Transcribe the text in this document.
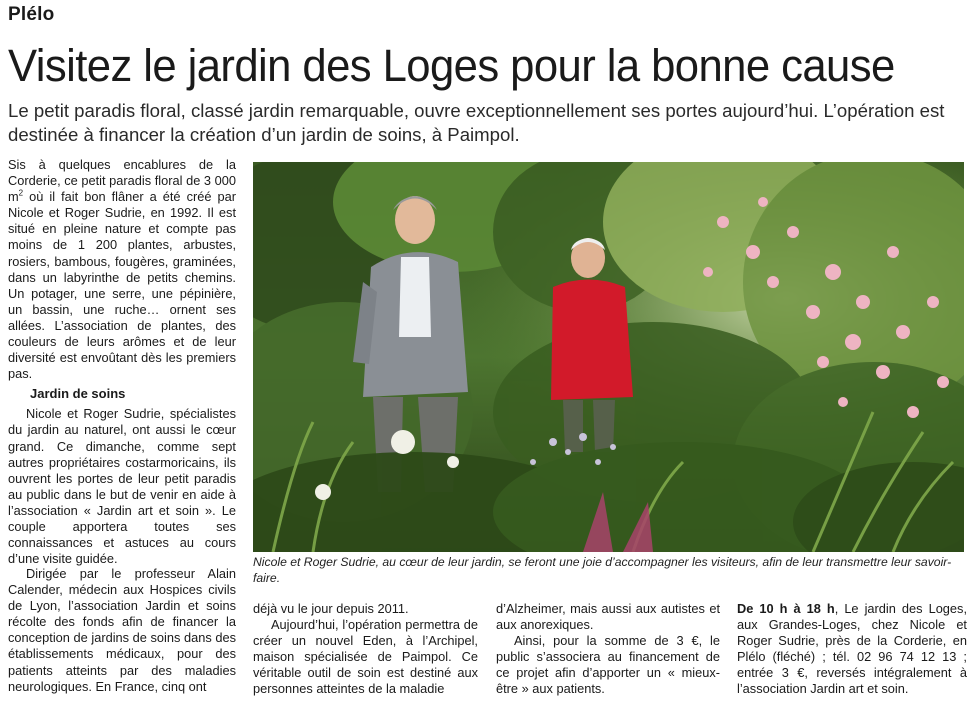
Plélo
Visitez le jardin des Loges pour la bonne cause

Le petit paradis floral, classé jardin remarquable, ouvre exceptionnellement ses portes aujourd’hui. L’opération est destinée à financer la création d’un jardin de soins, à Paimpol.

Sis à quelques encablures de la Corderie, ce petit paradis floral de 3 000 $m^2$ où il fait bon flâner a été créé par Nicole et Roger Sudrie, en 1992. Il est situé en pleine nature et compte pas moins de 1 200 plantes, arbustes, rosiers, bambous, fougères, graminées, dans un labyrinthe de petits chemins. Un potager, une serre, une pépinière, un bassin, une ruche… ornent ses allées. L’association de plantes, des couleurs de leurs arômes et de leur diversité est envoûtant dès les premiers pas.

Jardin de soins

Nicole et Roger Sudrie, spécialistes du jardin au naturel, ont aussi le cœur grand. Ce dimanche, comme sept autres propriétaires costarmoricains, ils ouvrent les portes de leur petit paradis au public dans le but de venir en aide à l’association « Jardin art et soin ». Le couple apportera toutes ses connaissances et astuces au cours d’une visite guidée.

Dirigée par le professeur Alain Calender, médecin aux Hospices civils de Lyon, l’association Jardin et soins récolte des fonds afin de financer la conception de jardins de soins dans des établissements médicaux, pour des patients atteints par des maladies neurologiques. En France, cinq ont

Nicole et Roger Sudrie, au cœur de leur jardin, se feront une joie d’accompagner les visiteurs, afin de leur transmettre leur savoir-faire.

déjà vu le jour depuis 2011.

Aujourd’hui, l’opération permettra de créer un nouvel Eden, à l’Archipel, maison spécialisée de Paimpol. Ce véritable outil de soin est destiné aux personnes atteintes de la maladie

d’Alzheimer, mais aussi aux autistes et aux anorexiques.

Ainsi, pour la somme de 3 €, le public s’associera au financement de ce projet afin d’apporter un « mieux-être » aux patients.

De 10 h à 18 h, Le jardin des Loges, aux Grandes-Loges, chez Nicole et Roger Sudrie, près de la Corderie, en Plélo (fléché) ; tél. 02 96 74 12 13 ; entrée 3 €, reversés intégralement à l’association Jardin art et soin.
